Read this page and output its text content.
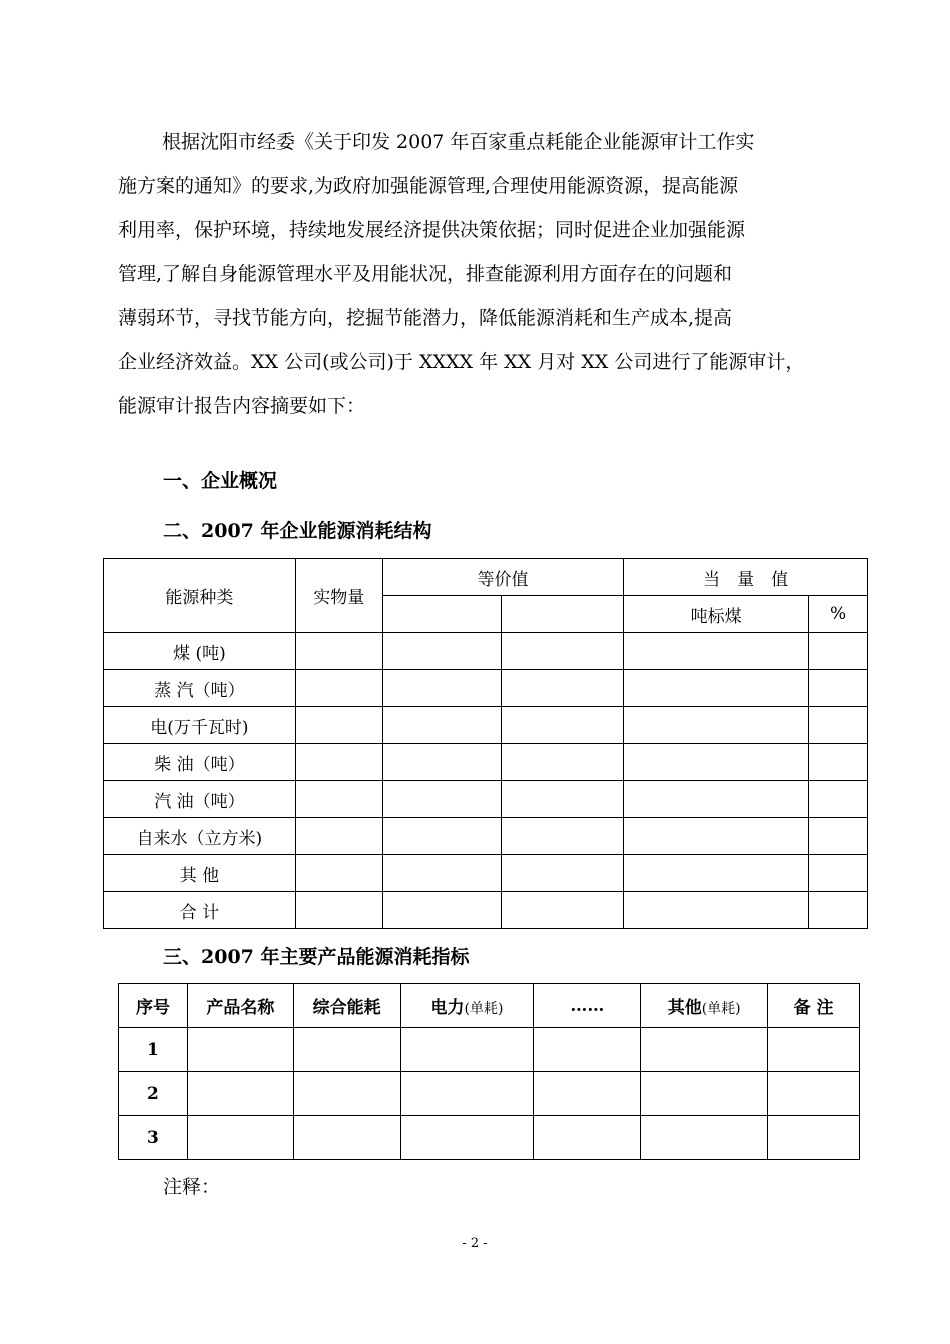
根据沈阳市经委《关于印发 2007 年百家重点耗能企业能源审计工作实
施方案的通知》的要求,为政府加强能源管理,合理使用能源资源，提高能源
利用率，保护环境，持续地发展经济提供决策依据；同时促进企业加强能源
管理,了解自身能源管理水平及用能状况，排查能源利用方面存在的问题和
薄弱环节，寻找节能方向，挖掘节能潜力，降低能源消耗和生产成本,提高
企业经济效益。XX 公司(或公司)于 XXXX 年 XX 月对 XX 公司进行了能源审计，
能源审计报告内容摘要如下：
一、企业概况
二、2007 年企业能源消耗结构
能源种类	实物量	等价值		当　量　值	
				吨标煤	%
煤 (吨)					
蒸 汽（吨）					
电(万千瓦时)					
柴 油（吨）					
汽 油（吨）					
自来水（立方米)					
其 他					
合 计					
三、2007 年主要产品能源消耗指标
序号	产品名称	综合能耗	电力(单耗)	……	其他(单耗)	备 注
1						
2						
3						
注释：
- 2 -
